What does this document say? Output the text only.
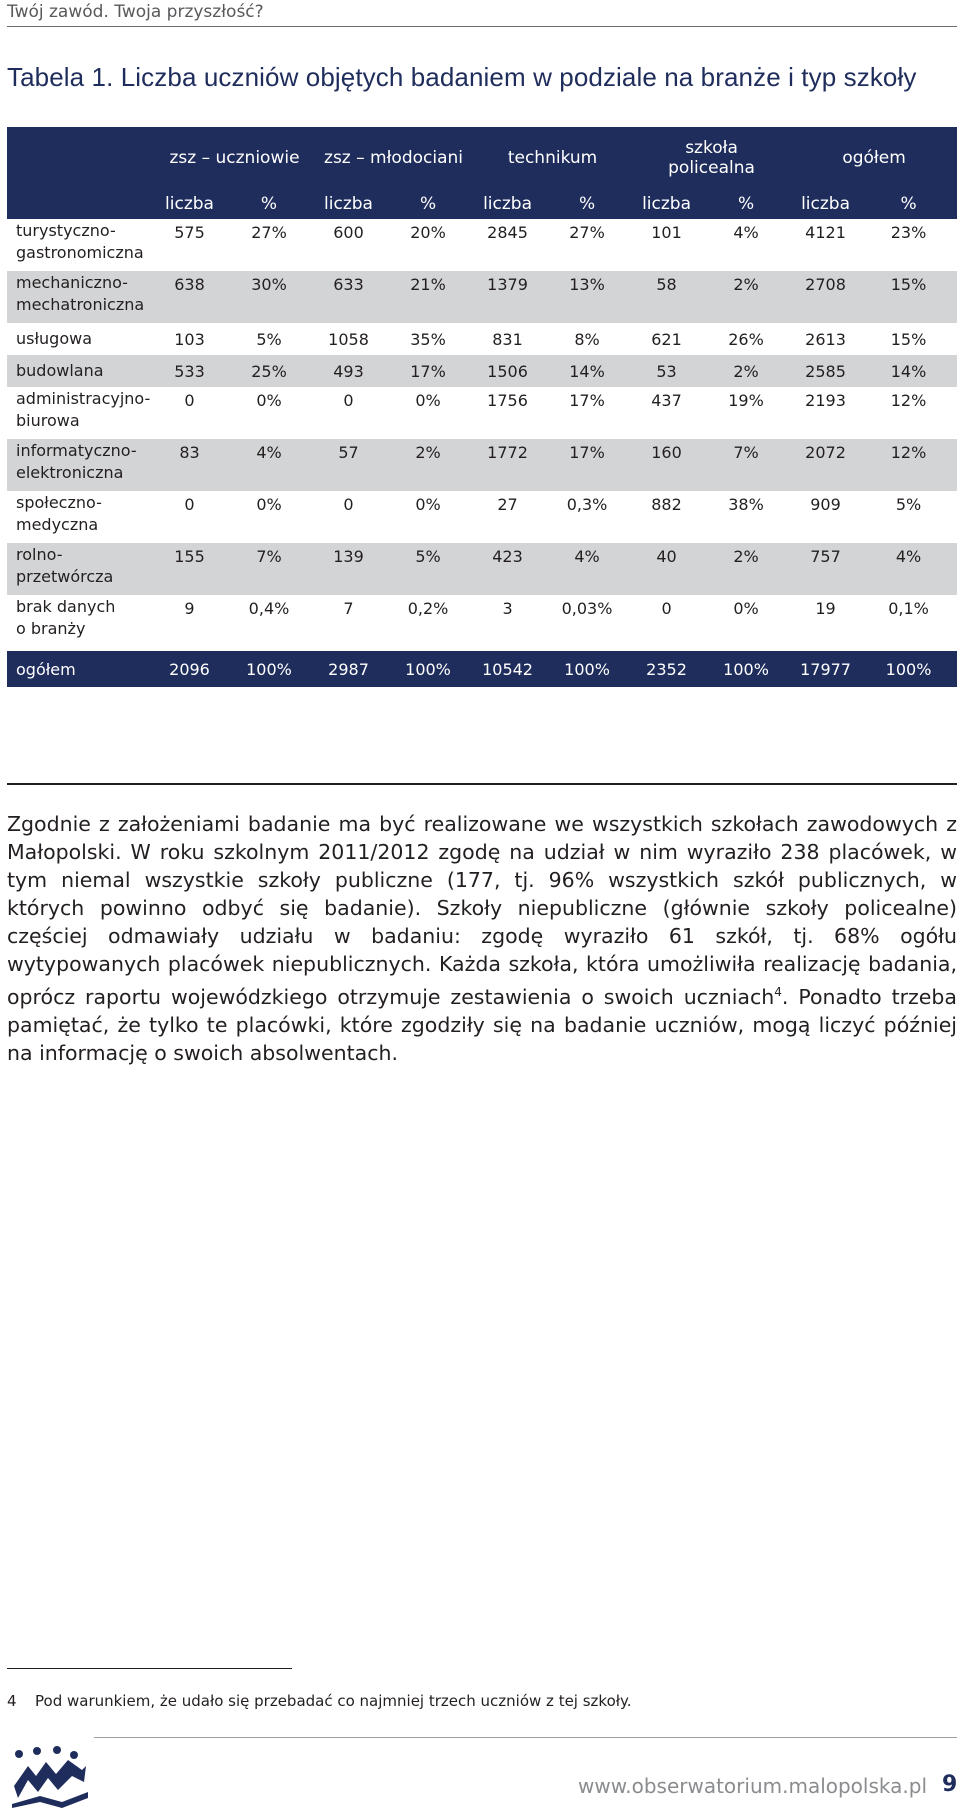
Twój zawód. Twoja przyszłość?
Tabela 1. Liczba uczniów objętych badaniem w podziale na branże i typ szkoły
	zsz – uczniowie		zsz – młodociani		technikum		szkoła
policealna		ogółem	
	liczba	%	liczba	%	liczba	%	liczba	%	liczba	%
turystyczno-
gastronomiczna	575	27%	600	20%	2845	27%	101	4%	4121	23%
mechaniczno-
mechatroniczna	638	30%	633	21%	1379	13%	58	2%	2708	15%
usługowa	103	5%	1058	35%	831	8%	621	26%	2613	15%
budowlana	533	25%	493	17%	1506	14%	53	2%	2585	14%
administracyjno-
biurowa	0	0%	0	0%	1756	17%	437	19%	2193	12%
informatyczno-
elektroniczna	83	4%	57	2%	1772	17%	160	7%	2072	12%
społeczno-
medyczna	0	0%	0	0%	27	0,3%	882	38%	909	5%
rolno-
przetwórcza	155	7%	139	5%	423	4%	40	2%	757	4%
brak danych
o branży	9	0,4%	7	0,2%	3	0,03%	0	0%	19	0,1%
ogółem	2096	100%	2987	100%	10542	100%	2352	100%	17977	100%

Zgodnie z założeniami badanie ma być realizowane we wszystkich szkołach zawodowych z Małopolski. W roku szkolnym 2011/2012 zgodę na udział w nim wyraziło 238 placówek, w tym niemal wszystkie szkoły publiczne (177, tj. 96% wszystkich szkół publicznych, w których powinno odbyć się badanie). Szkoły niepubliczne (głównie szkoły policealne) częściej odmawiały udziału w badaniu: zgodę wyraziło 61 szkół, tj. 68% ogółu wytypowanych placówek niepublicznych. Każda szkoła, która umożliwiła realizację badania, oprócz raportu wojewódzkiego otrzymuje zestawienia o swoich uczniach$^4$. Ponadto trzeba pamiętać, że tylko te placówki, które zgodziły się na badanie uczniów, mogą liczyć później na informację o swoich absolwentach.

4 Pod warunkiem, że udało się przebadać co najmniej trzech uczniów z tej szkoły.
www.obserwatorium.malopolska.pl 9
